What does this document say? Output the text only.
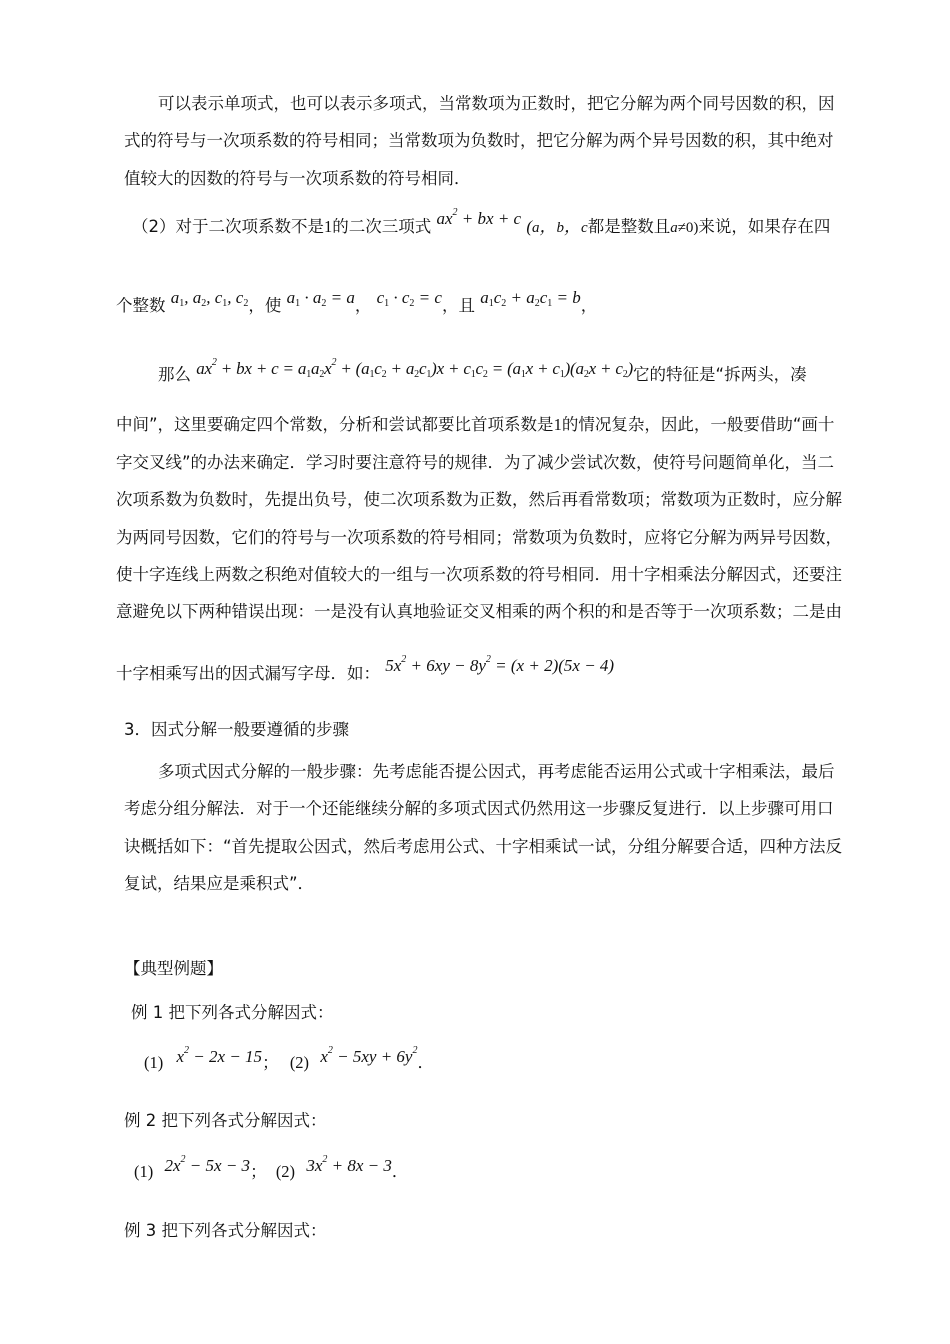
可以表示单项式，也可以表示多项式，当常数项为正数时，把它分解为两个同号因数的积，因
式的符号与一次项系数的符号相同；当常数项为负数时，把它分解为两个异号因数的积，其中绝对
值较大的因数的符号与一次项系数的符号相同．
（2）对于二次项系数不是1的二次三项式 $ax^2$ + bx + c (a，b，c都是整数且a≠0)来说，如果存在四
个整数 $a_1$, $a_2$, $c_1$, $c_2$，使 $a_1 \cdot a_2 = a$， $c_1 \cdot c_2 = c$，且 $a_1c_2 + a_2c_1 = b$，
那么 $ax^2$ + bx + $c = a_1a_2x^2 + (a_1c_2 + a_2c_1)x + c_1c_2 = (a_1x + c_1)(a_2x + c_2)$它的特征是“拆两头，凑
中间”，这里要确定四个常数，分析和尝试都要比首项系数是1的情况复杂，因此，一般要借助“画十
字交叉线”的办法来确定．学习时要注意符号的规律．为了减少尝试次数，使符号问题简单化，当二
次项系数为负数时，先提出负号，使二次项系数为正数，然后再看常数项；常数项为正数时，应分解
为两同号因数，它们的符号与一次项系数的符号相同；常数项为负数时，应将它分解为两异号因数，
使十字连线上两数之积绝对值较大的一组与一次项系数的符号相同．用十字相乘法分解因式，还要注
意避免以下两种错误出现：一是没有认真地验证交叉相乘的两个积的和是否等于一次项系数；二是由
十字相乘写出的因式漏写字母．如： $5x^2 + 6xy - 8y^2 = (x + 2)(5x - 4)$
3．因式分解一般要遵循的步骤
多项式因式分解的一般步骤：先考虑能否提公因式，再考虑能否运用公式或十字相乘法，最后
考虑分组分解法．对于一个还能继续分解的多项式因式仍然用这一步骤反复进行．以上步骤可用口
诀概括如下：“首先提取公因式，然后考虑用公式、十字相乘试一试，分组分解要合适，四种方法反
复试，结果应是乘积式”．
【典型例题】
例 1 把下列各式分解因式：
(1) $x^2 - 2x - 15$； (2) $x^2 - 5xy + 6y^2$．
例 2 把下列各式分解因式：
(1) $2x^2 - 5x - 3$； (2) $3x^2 + 8x - 3$．
例 3 把下列各式分解因式：
